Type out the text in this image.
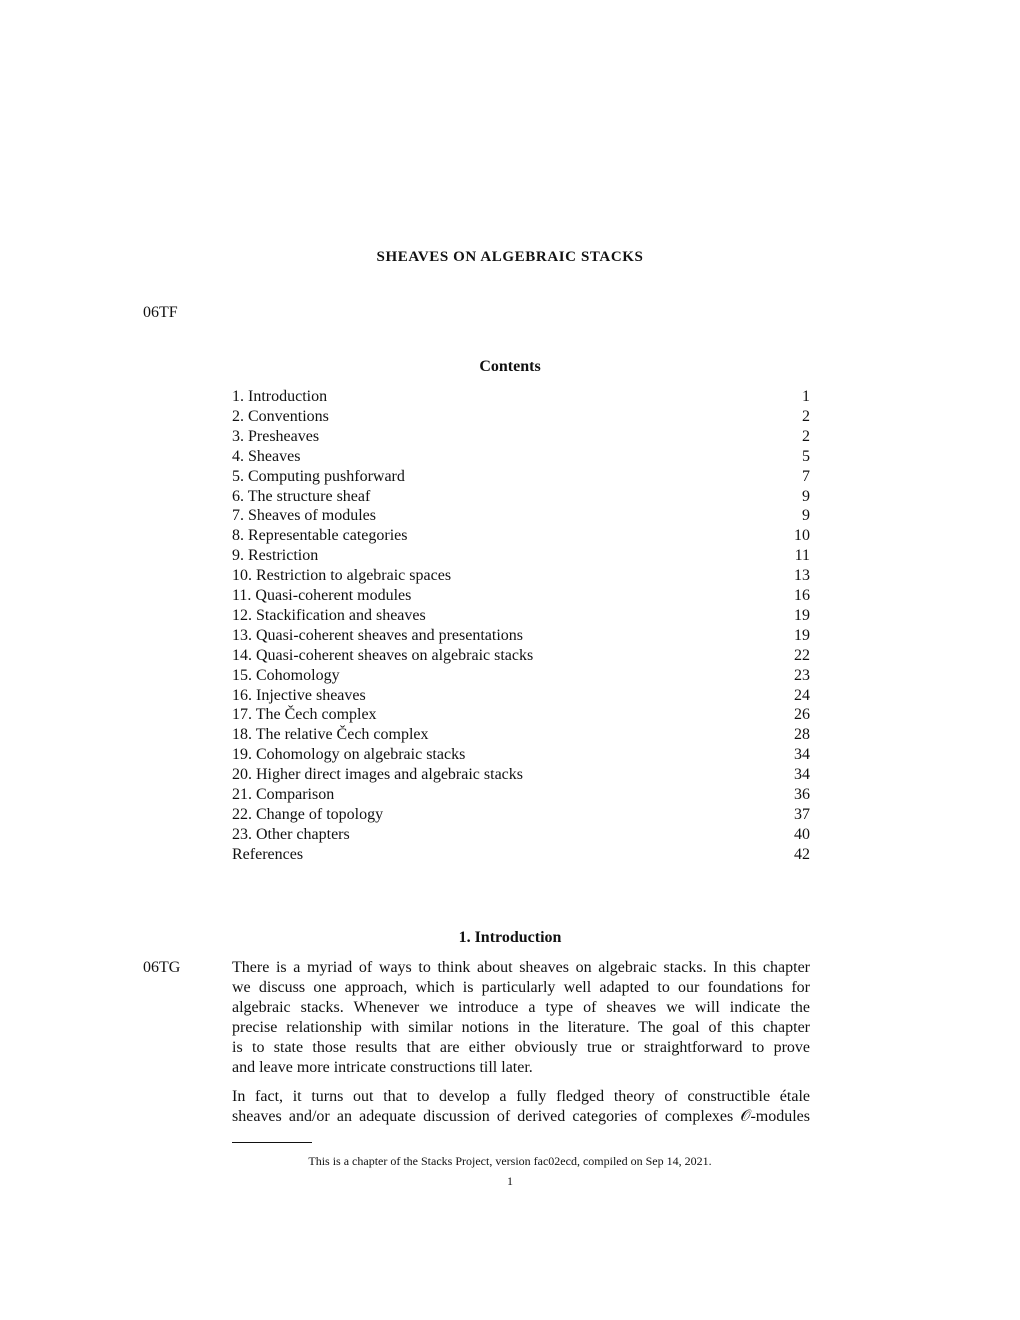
SHEAVES ON ALGEBRAIC STACKS
06TF
Contents
1. Introduction	1
2. Conventions	2
3. Presheaves	2
4. Sheaves	5
5. Computing pushforward	7
6. The structure sheaf	9
7. Sheaves of modules	9
8. Representable categories	10
9. Restriction	11
10. Restriction to algebraic spaces	13
11. Quasi-coherent modules	16
12. Stackification and sheaves	19
13. Quasi-coherent sheaves and presentations	19
14. Quasi-coherent sheaves on algebraic stacks	22
15. Cohomology	23
16. Injective sheaves	24
17. The Čech complex	26
18. The relative Čech complex	28
19. Cohomology on algebraic stacks	34
20. Higher direct images and algebraic stacks	34
21. Comparison	36
22. Change of topology	37
23. Other chapters	40
References	42
1. Introduction
06TG	There is a myriad of ways to think about sheaves on algebraic stacks. In this chapter
we discuss one approach, which is particularly well adapted to our foundations for
algebraic stacks. Whenever we introduce a type of sheaves we will indicate the
precise relationship with similar notions in the literature. The goal of this chapter
is to state those results that are either obviously true or straightforward to prove
and leave more intricate constructions till later.
In fact, it turns out that to develop a fully fledged theory of constructible étale
sheaves and/or an adequate discussion of derived categories of complexes 𝒪-modules
This is a chapter of the Stacks Project, version fac02ecd, compiled on Sep 14, 2021.
1
